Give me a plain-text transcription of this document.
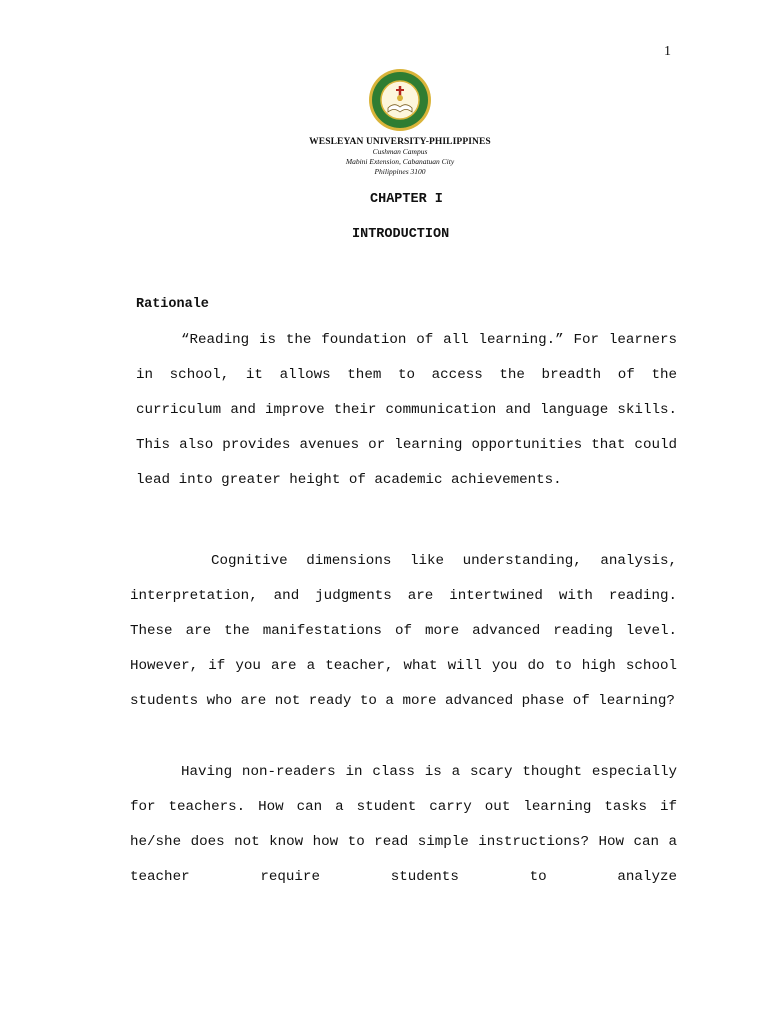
1
WESLEYAN UNIVERSITY-PHILIPPINES
Cushman Campus
Mabini Extension, Cabanatuan City
Philippines 3100
CHAPTER I
INTRODUCTION
Rationale

“Reading is the foundation of all learning.” For learners in school, it allows them to access the breadth of the curriculum and improve their communication and language skills. This also provides avenues or learning opportunities that could lead into greater height of academic achievements.

Cognitive dimensions like understanding, analysis, interpretation, and judgments are intertwined with reading. These are the manifestations of more advanced reading level. However, if you are a teacher, what will you do to high school students who are not ready to a more advanced phase of learning?

Having non-readers in class is a scary thought especially for teachers. How can a student carry out learning tasks if he/she does not know how to read simple instructions? How can a teacher require students to analyze
